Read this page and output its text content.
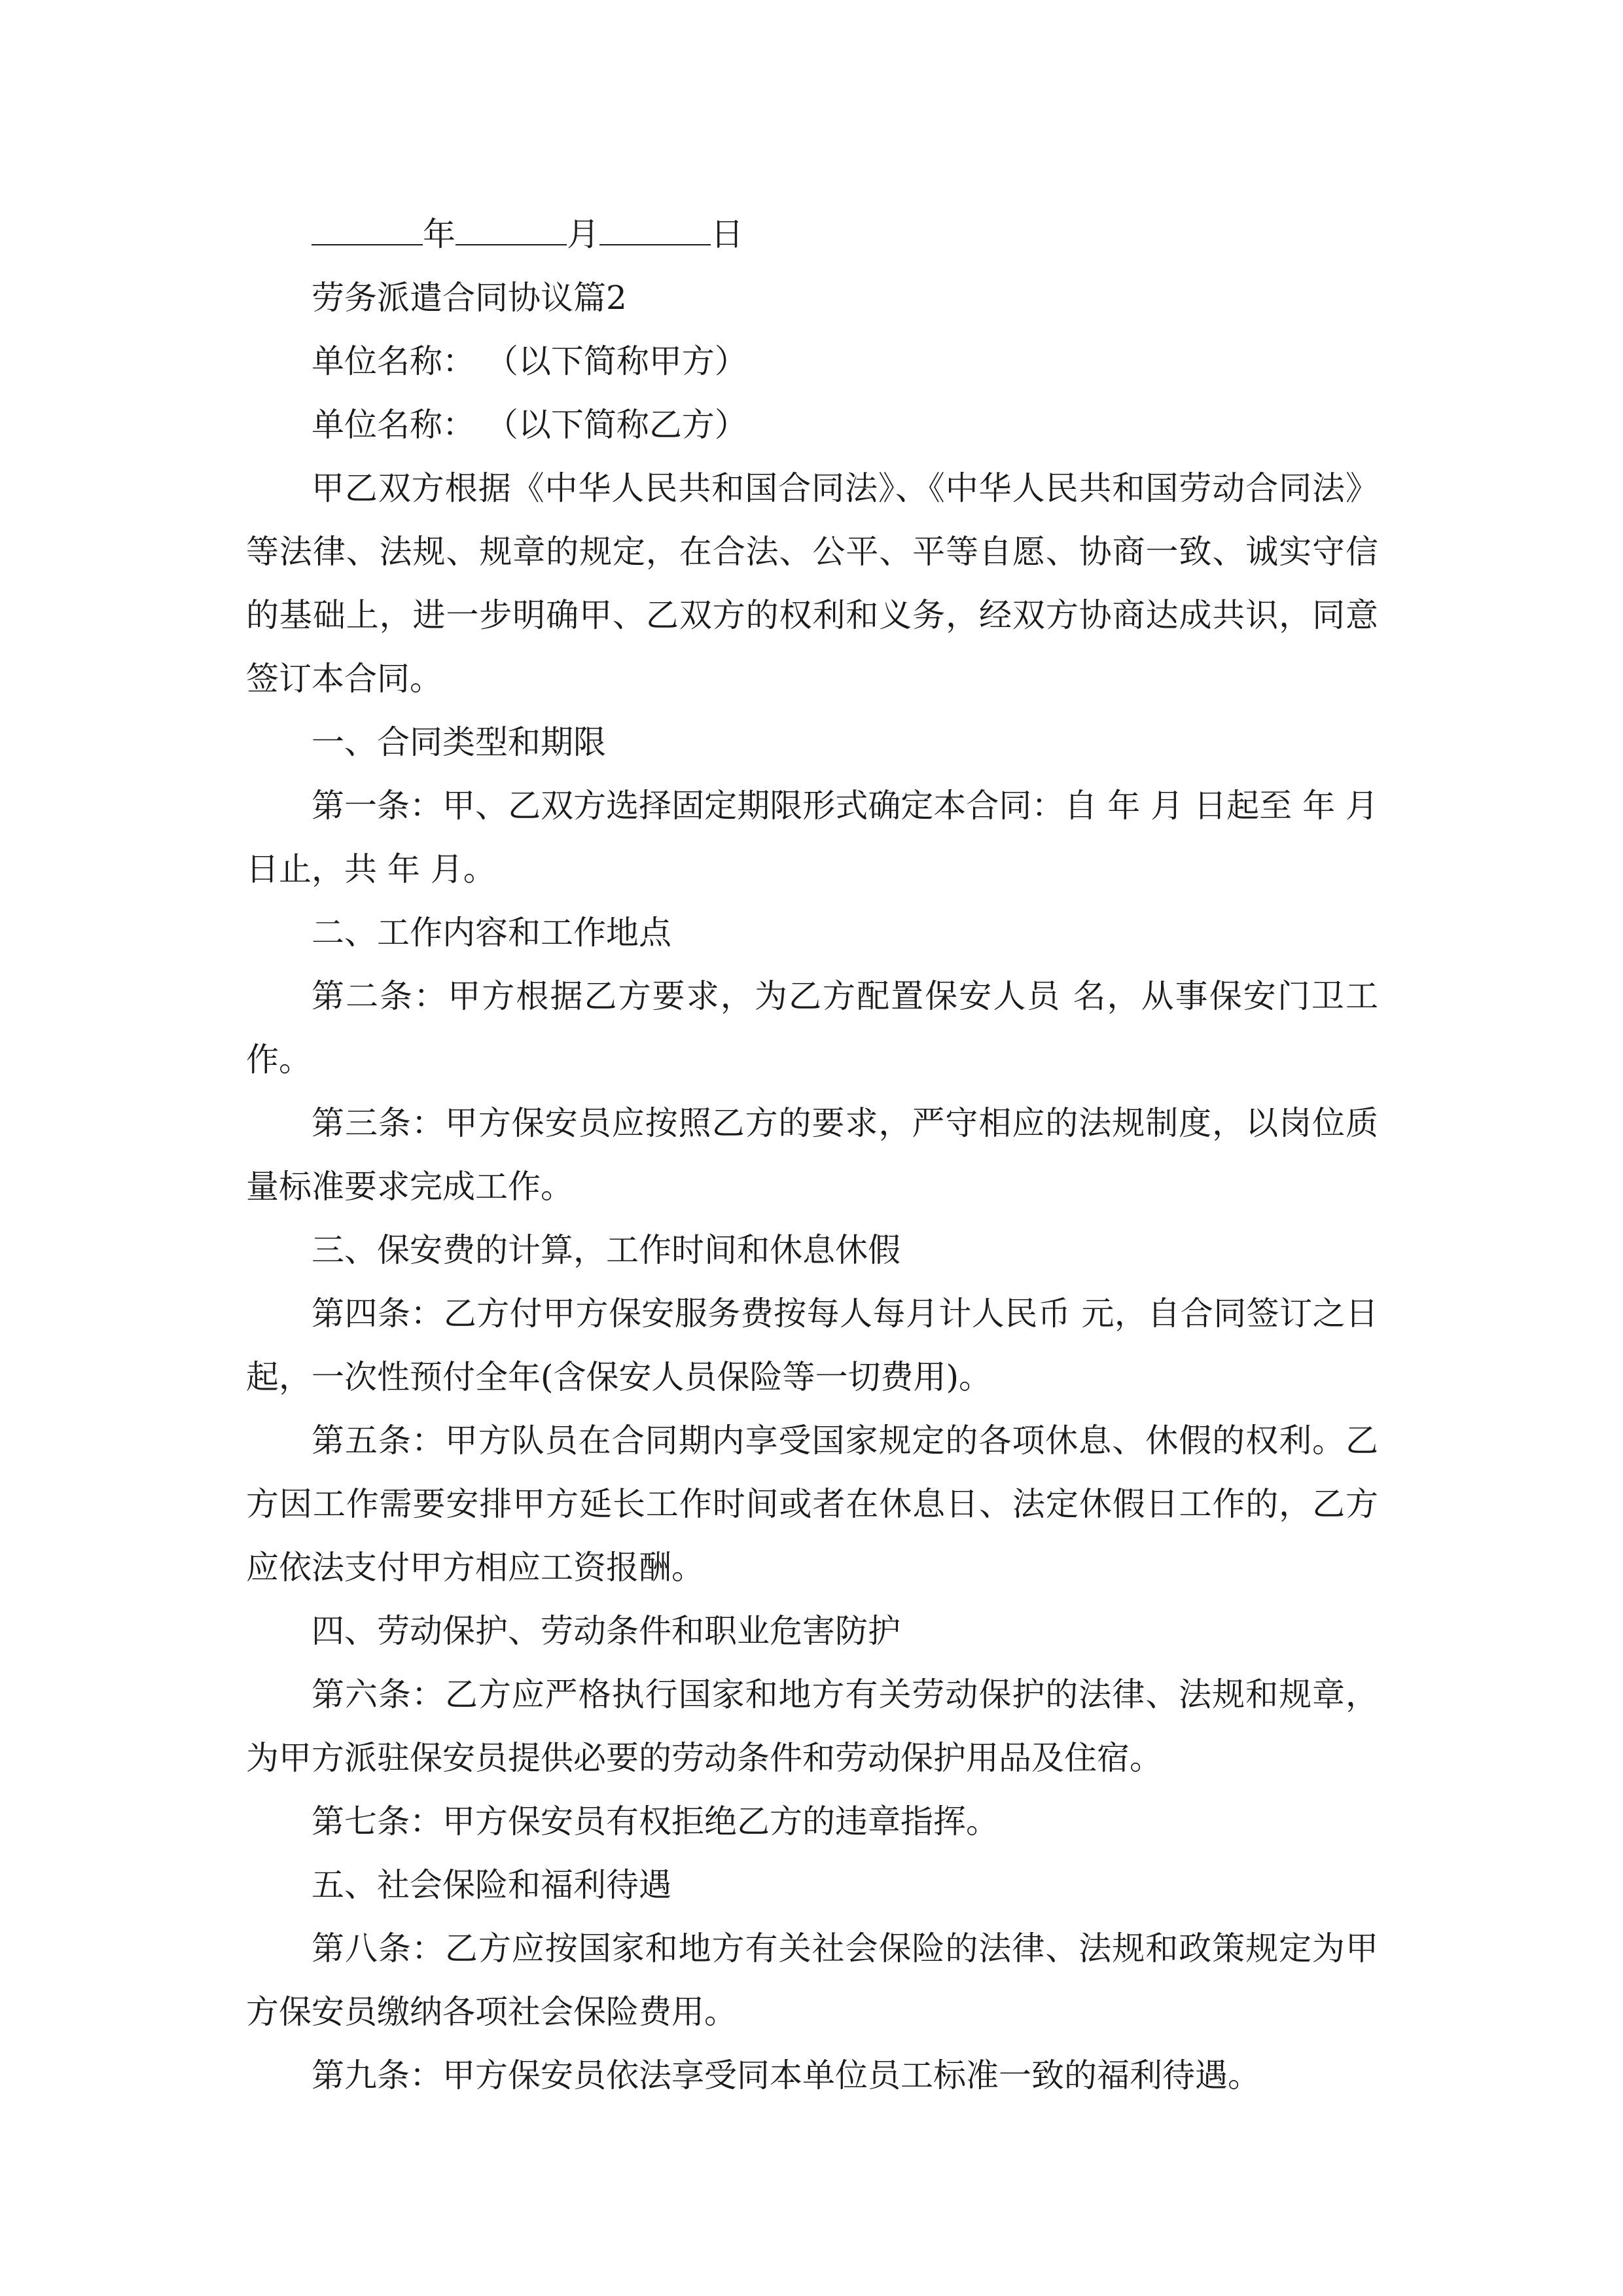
年	月	日

劳务派遣合同协议篇2

单位名称： （以下简称甲方）

单位名称： （以下简称乙方）

甲乙双方根据《中华人民共和国合同法》、《中华人民共和国劳动合同法》等法律、法规、规章的规定，在合法、公平、平等自愿、协商一致、诚实守信的基础上，进一步明确甲、乙双方的权利和义务，经双方协商达成共识，同意签订本合同。

一、合同类型和期限

第一条：甲、乙双方选择固定期限形式确定本合同：自 年 月 日起至 年 月 日止，共 年 月。

二、工作内容和工作地点

第二条：甲方根据乙方要求，为乙方配置保安人员 名，从事保安门卫工作。

第三条：甲方保安员应按照乙方的要求，严守相应的法规制度，以岗位质量标准要求完成工作。

三、保安费的计算，工作时间和休息休假

第四条：乙方付甲方保安服务费按每人每月计人民币 元，自合同签订之日起，一次性预付全年(含保安人员保险等一切费用)。

第五条：甲方队员在合同期内享受国家规定的各项休息、休假的权利。乙方因工作需要安排甲方延长工作时间或者在休息日、法定休假日工作的，乙方应依法支付甲方相应工资报酬。

四、劳动保护、劳动条件和职业危害防护

第六条：乙方应严格执行国家和地方有关劳动保护的法律、法规和规章，为甲方派驻保安员提供必要的劳动条件和劳动保护用品及住宿。

第七条：甲方保安员有权拒绝乙方的违章指挥。

五、社会保险和福利待遇

第八条：乙方应按国家和地方有关社会保险的法律、法规和政策规定为甲方保安员缴纳各项社会保险费用。

第九条：甲方保安员依法享受同本单位员工标准一致的福利待遇。
